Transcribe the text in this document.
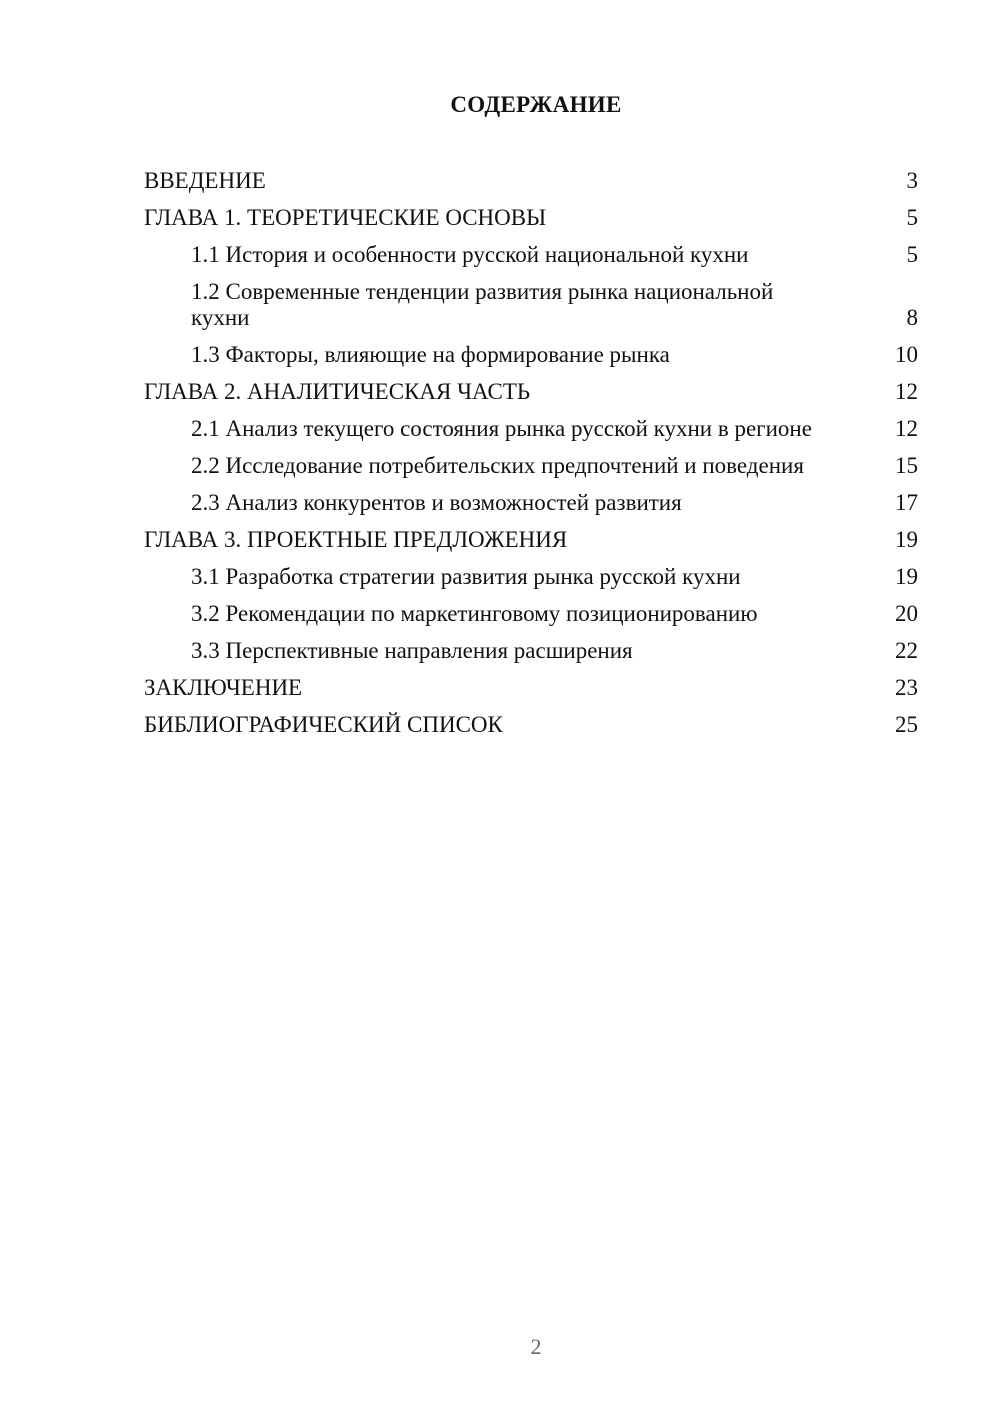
СОДЕРЖАНИЕ
ВВЕДЕНИЕ	3
ГЛАВА 1. ТЕОРЕТИЧЕСКИЕ ОСНОВЫ	5
1.1 История и особенности русской национальной кухни	5
1.2 Современные тенденции развития рынка национальной кухни	8
1.3 Факторы, влияющие на формирование рынка	10
ГЛАВА 2. АНАЛИТИЧЕСКАЯ ЧАСТЬ	12
2.1 Анализ текущего состояния рынка русской кухни в регионе	12
2.2 Исследование потребительских предпочтений и поведения	15
2.3 Анализ конкурентов и возможностей развития	17
ГЛАВА 3. ПРОЕКТНЫЕ ПРЕДЛОЖЕНИЯ	19
3.1 Разработка стратегии развития рынка русской кухни	19
3.2 Рекомендации по маркетинговому позиционированию	20
3.3 Перспективные направления расширения	22
ЗАКЛЮЧЕНИЕ	23
БИБЛИОГРАФИЧЕСКИЙ СПИСОК	25
2
